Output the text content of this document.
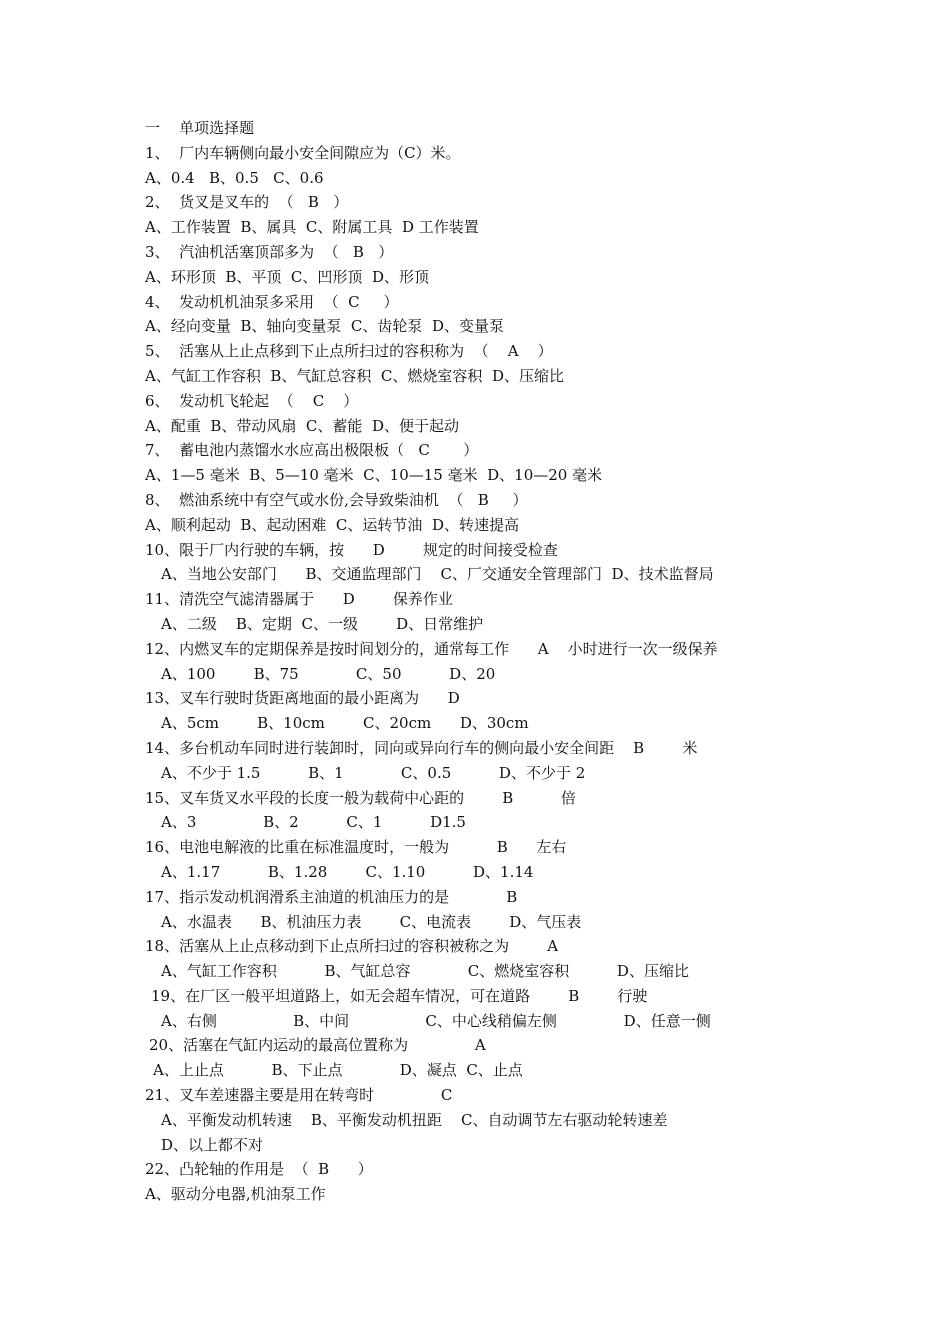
一    单项选择题
1、  厂内车辆侧向最小安全间隙应为（C）米。
A、0.4   B、0.5   C、0.6
2、  货叉是叉车的  （   B   ）
A、工作装置  B、属具  C、附属工具  D 工作装置
3、  汽油机活塞顶部多为  （   B   ）
A、环形顶  B、平顶  C、凹形顶  D、形顶
4、  发动机机油泵多采用  （  C     ）
A、经向变量  B、轴向变量泵  C、齿轮泵  D、变量泵
5、  活塞从上止点移到下止点所扫过的容积称为  （    A    ）
A、气缸工作容积  B、气缸总容积  C、燃烧室容积  D、压缩比
6、  发动机飞轮起  （    C    ）
A、配重  B、带动风扇  C、蓄能  D、便于起动
7、  蓄电池内蒸馏水水应高出极限板（   C       ）
A、1—5 毫米  B、5—10 毫米  C、10—15 毫米  D、10—20 毫米
8、  燃油系统中有空气或水份,会导致柴油机  （   B     ）
A、顺利起动  B、起动困难  C、运转节油  D、转速提高
10、限于厂内行驶的车辆，按      D        规定的时间接受检查
A、当地公安部门      B、交通监理部门    C、厂交通安全管理部门  D、技术监督局
11、清洗空气滤清器属于      D        保养作业
A、二级    B、定期  C、一级        D、日常维护
12、内燃叉车的定期保养是按时间划分的，通常每工作      A    小时进行一次一级保养
A、100        B、75            C、50          D、20
13、叉车行驶时货距离地面的最小距离为      D
A、5cm        B、10cm        C、20cm      D、30cm
14、多台机动车同时进行装卸时，同向或异向行车的侧向最小安全间距    B        米
A、不少于 1.5          B、1            C、0.5          D、不少于 2
15、叉车货叉水平段的长度一般为载荷中心距的        B          倍
A、3              B、2          C、1          D1.5
16、电池电解液的比重在标准温度时，一般为          B      左右
A、1.17          B、1.28        C、1.10          D、1.14
17、指示发动机润滑系主油道的机油压力的是            B
A、水温表      B、机油压力表        C、电流表        D、气压表
18、活塞从上止点移动到下止点所扫过的容积被称之为        A
A、气缸工作容积          B、气缸总容            C、燃烧室容积          D、压缩比
19、在厂区一般平坦道路上，如无会超车情况，可在道路        B        行驶
A、右侧                B、中间                C、中心线稍偏左侧              D、任意一侧
20、活塞在气缸内运动的最高位置称为              A
A、上止点          B、下止点            D、凝点  C、止点
21、叉车差速器主要是用在转弯时              C
A、平衡发动机转速    B、平衡发动机扭距    C、自动调节左右驱动轮转速差
D、以上都不对
22、凸轮轴的作用是  （  B      ）
A、驱动分电器,机油泵工作
